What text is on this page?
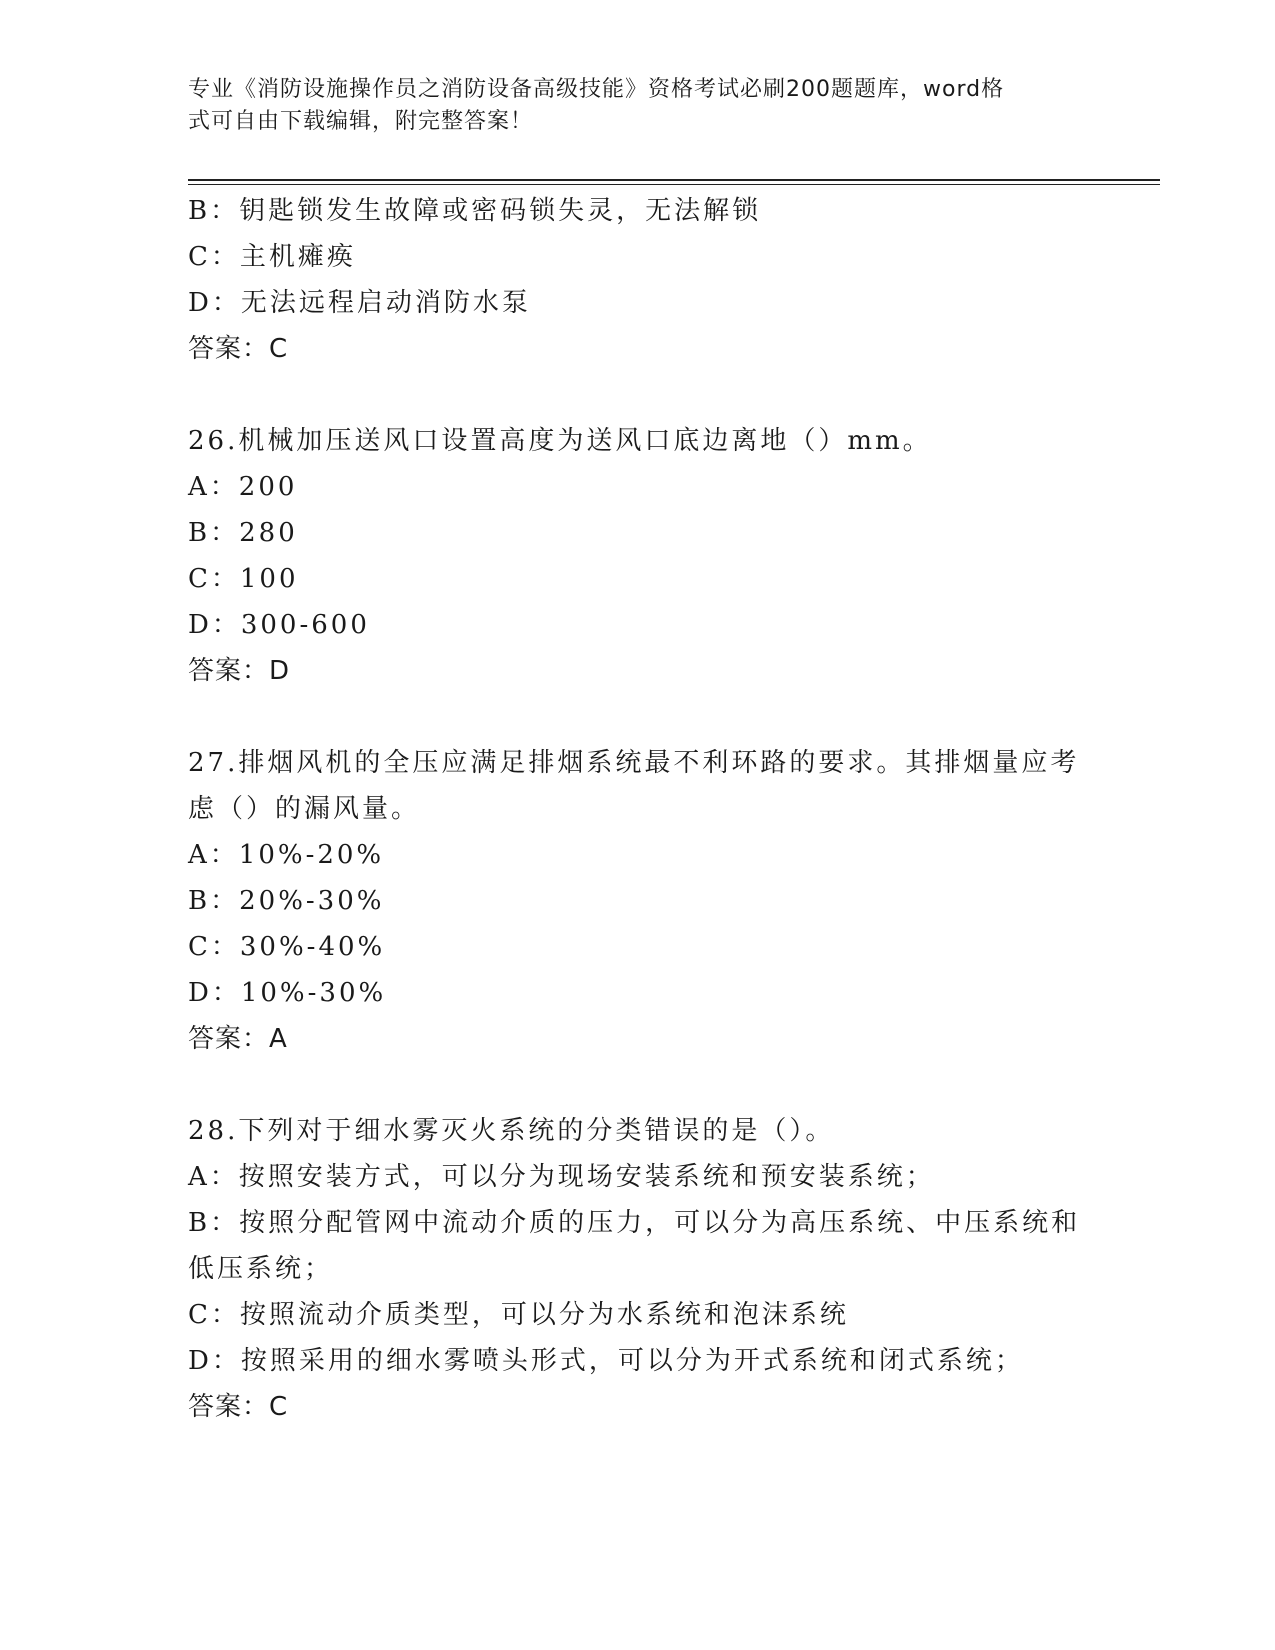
专业《消防设施操作员之消防设备高级技能》资格考试必刷200题题库，word格
式可自由下载编辑，附完整答案！
B：钥匙锁发生故障或密码锁失灵，无法解锁
C：主机瘫痪
D：无法远程启动消防水泵
答案：C
26.机械加压送风口设置高度为送风口底边离地（）mm。
A：200
B：280
C：100
D：300-600
答案：D
27.排烟风机的全压应满足排烟系统最不利环路的要求。其排烟量应考
虑（）的漏风量。
A：10%-20%
B：20%-30%
C：30%-40%
D：10%-30%
答案：A
28.下列对于细水雾灭火系统的分类错误的是（）。
A：按照安装方式，可以分为现场安装系统和预安装系统；
B：按照分配管网中流动介质的压力，可以分为高压系统、中压系统和
低压系统；
C：按照流动介质类型，可以分为水系统和泡沫系统
D：按照采用的细水雾喷头形式，可以分为开式系统和闭式系统；
答案：C
